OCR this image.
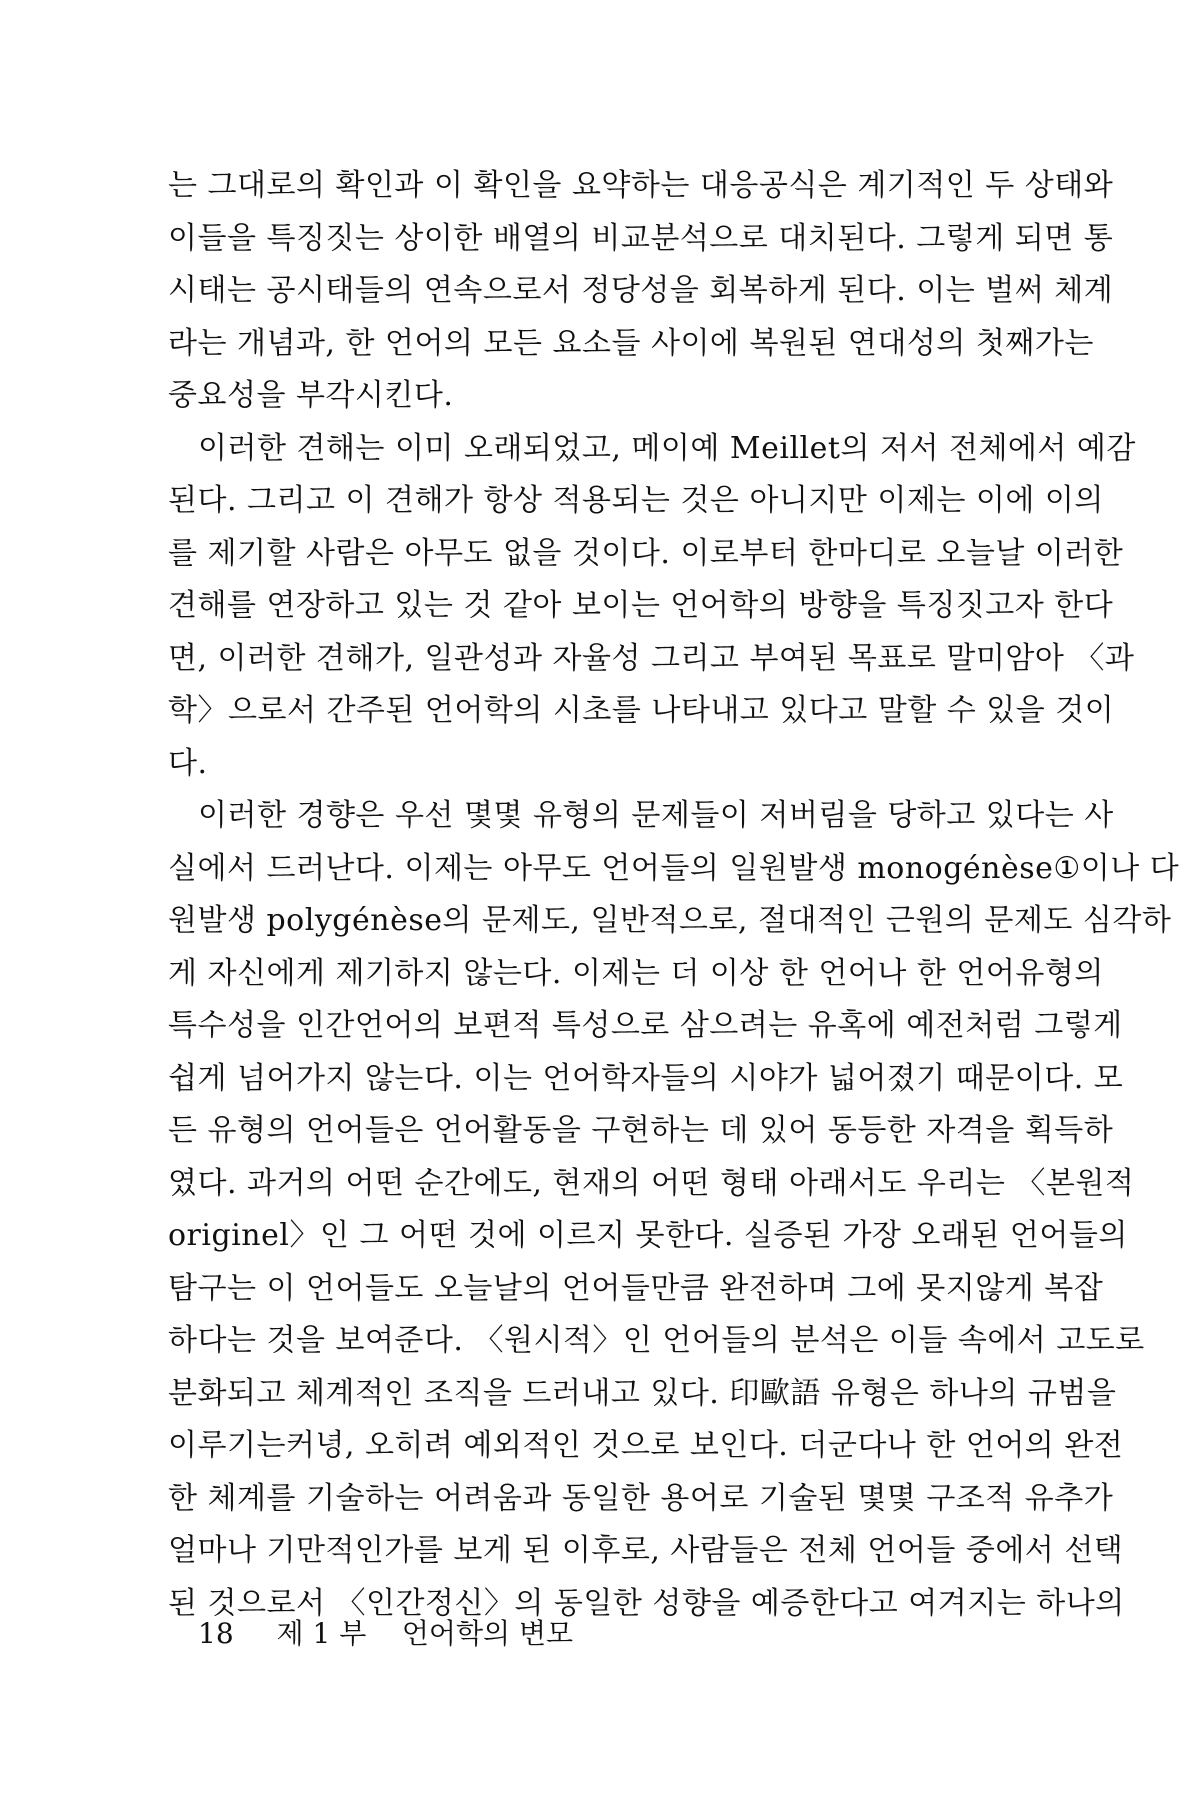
는 그대로의 확인과 이 확인을 요약하는 대응공식은 계기적인 두 상태와
이들을 특징짓는 상이한 배열의 비교분석으로 대치된다. 그렇게 되면 통
시태는 공시태들의 연속으로서 정당성을 회복하게 된다. 이는 벌써 체계
라는 개념과, 한 언어의 모든 요소들 사이에 복원된 연대성의 첫째가는
중요성을 부각시킨다.
이러한 견해는 이미 오래되었고, 메이예 Meillet의 저서 전체에서 예감
된다. 그리고 이 견해가 항상 적용되는 것은 아니지만 이제는 이에 이의
를 제기할 사람은 아무도 없을 것이다. 이로부터 한마디로 오늘날 이러한
견해를 연장하고 있는 것 같아 보이는 언어학의 방향을 특징짓고자 한다
면, 이러한 견해가, 일관성과 자율성 그리고 부여된 목표로 말미암아 〈과
학〉으로서 간주된 언어학의 시초를 나타내고 있다고 말할 수 있을 것이
다.
이러한 경향은 우선 몇몇 유형의 문제들이 저버림을 당하고 있다는 사
실에서 드러난다. 이제는 아무도 언어들의 일원발생 monogénèse①이나 다
원발생 polygénèse의 문제도, 일반적으로, 절대적인 근원의 문제도 심각하
게 자신에게 제기하지 않는다. 이제는 더 이상 한 언어나 한 언어유형의
특수성을 인간언어의 보편적 특성으로 삼으려는 유혹에 예전처럼 그렇게
쉽게 넘어가지 않는다. 이는 언어학자들의 시야가 넓어졌기 때문이다. 모
든 유형의 언어들은 언어활동을 구현하는 데 있어 동등한 자격을 획득하
였다. 과거의 어떤 순간에도, 현재의 어떤 형태 아래서도 우리는 〈본원적
originel〉인 그 어떤 것에 이르지 못한다. 실증된 가장 오래된 언어들의
탐구는 이 언어들도 오늘날의 언어들만큼 완전하며 그에 못지않게 복잡
하다는 것을 보여준다. 〈원시적〉인 언어들의 분석은 이들 속에서 고도로
분화되고 체계적인 조직을 드러내고 있다. 印歐語 유형은 하나의 규범을
이루기는커녕, 오히려 예외적인 것으로 보인다. 더군다나 한 언어의 완전
한 체계를 기술하는 어려움과 동일한 용어로 기술된 몇몇 구조적 유추가
얼마나 기만적인가를 보게 된 이후로, 사람들은 전체 언어들 중에서 선택
된 것으로서 〈인간정신〉의 동일한 성향을 예증한다고 여겨지는 하나의
18 제 1 부 언어학의 변모
